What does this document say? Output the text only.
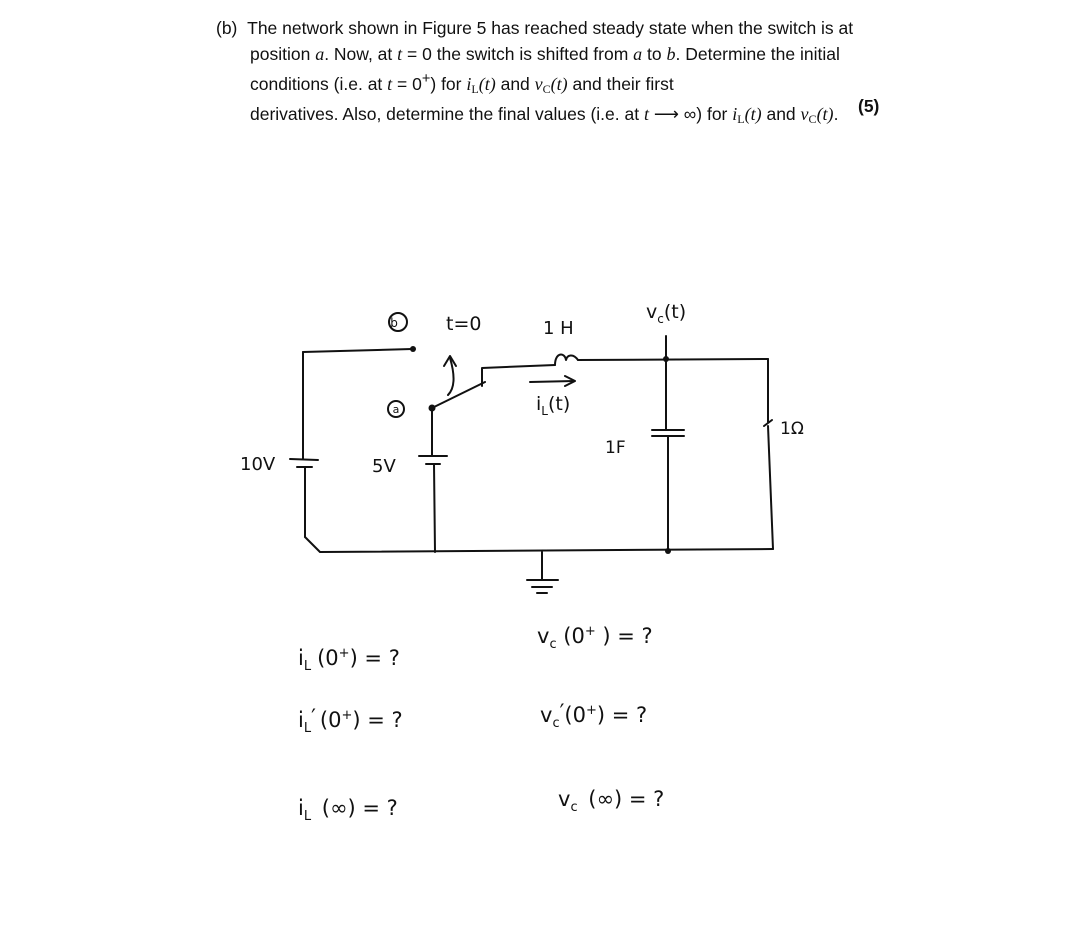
(b) The network shown in Figure 5 has reached steady state when the switch is at
position a. Now, at t = 0 the switch is shifted from a to b. Determine the initial
conditions (i.e. at t = 0+) for $i_L(t)$ and $v_C(t)$ and their first
derivatives. Also, determine the final values (i.e. at t ⟶ ∞) for $i_L(t)$ and $v_C(t)$.	(5)
b
a
t=0	1 H
$i_L(t)$
$v_c(t)$
1F
1Ω
10V	5V
$i_L$ (0+) = ?
$i_L'$ (0+) = ?
$i_L$ (∞) = ?
$v_c$ (0+ ) = ?
$v_c'(0^+)$ = ?
$v_c$ (∞) = ?
